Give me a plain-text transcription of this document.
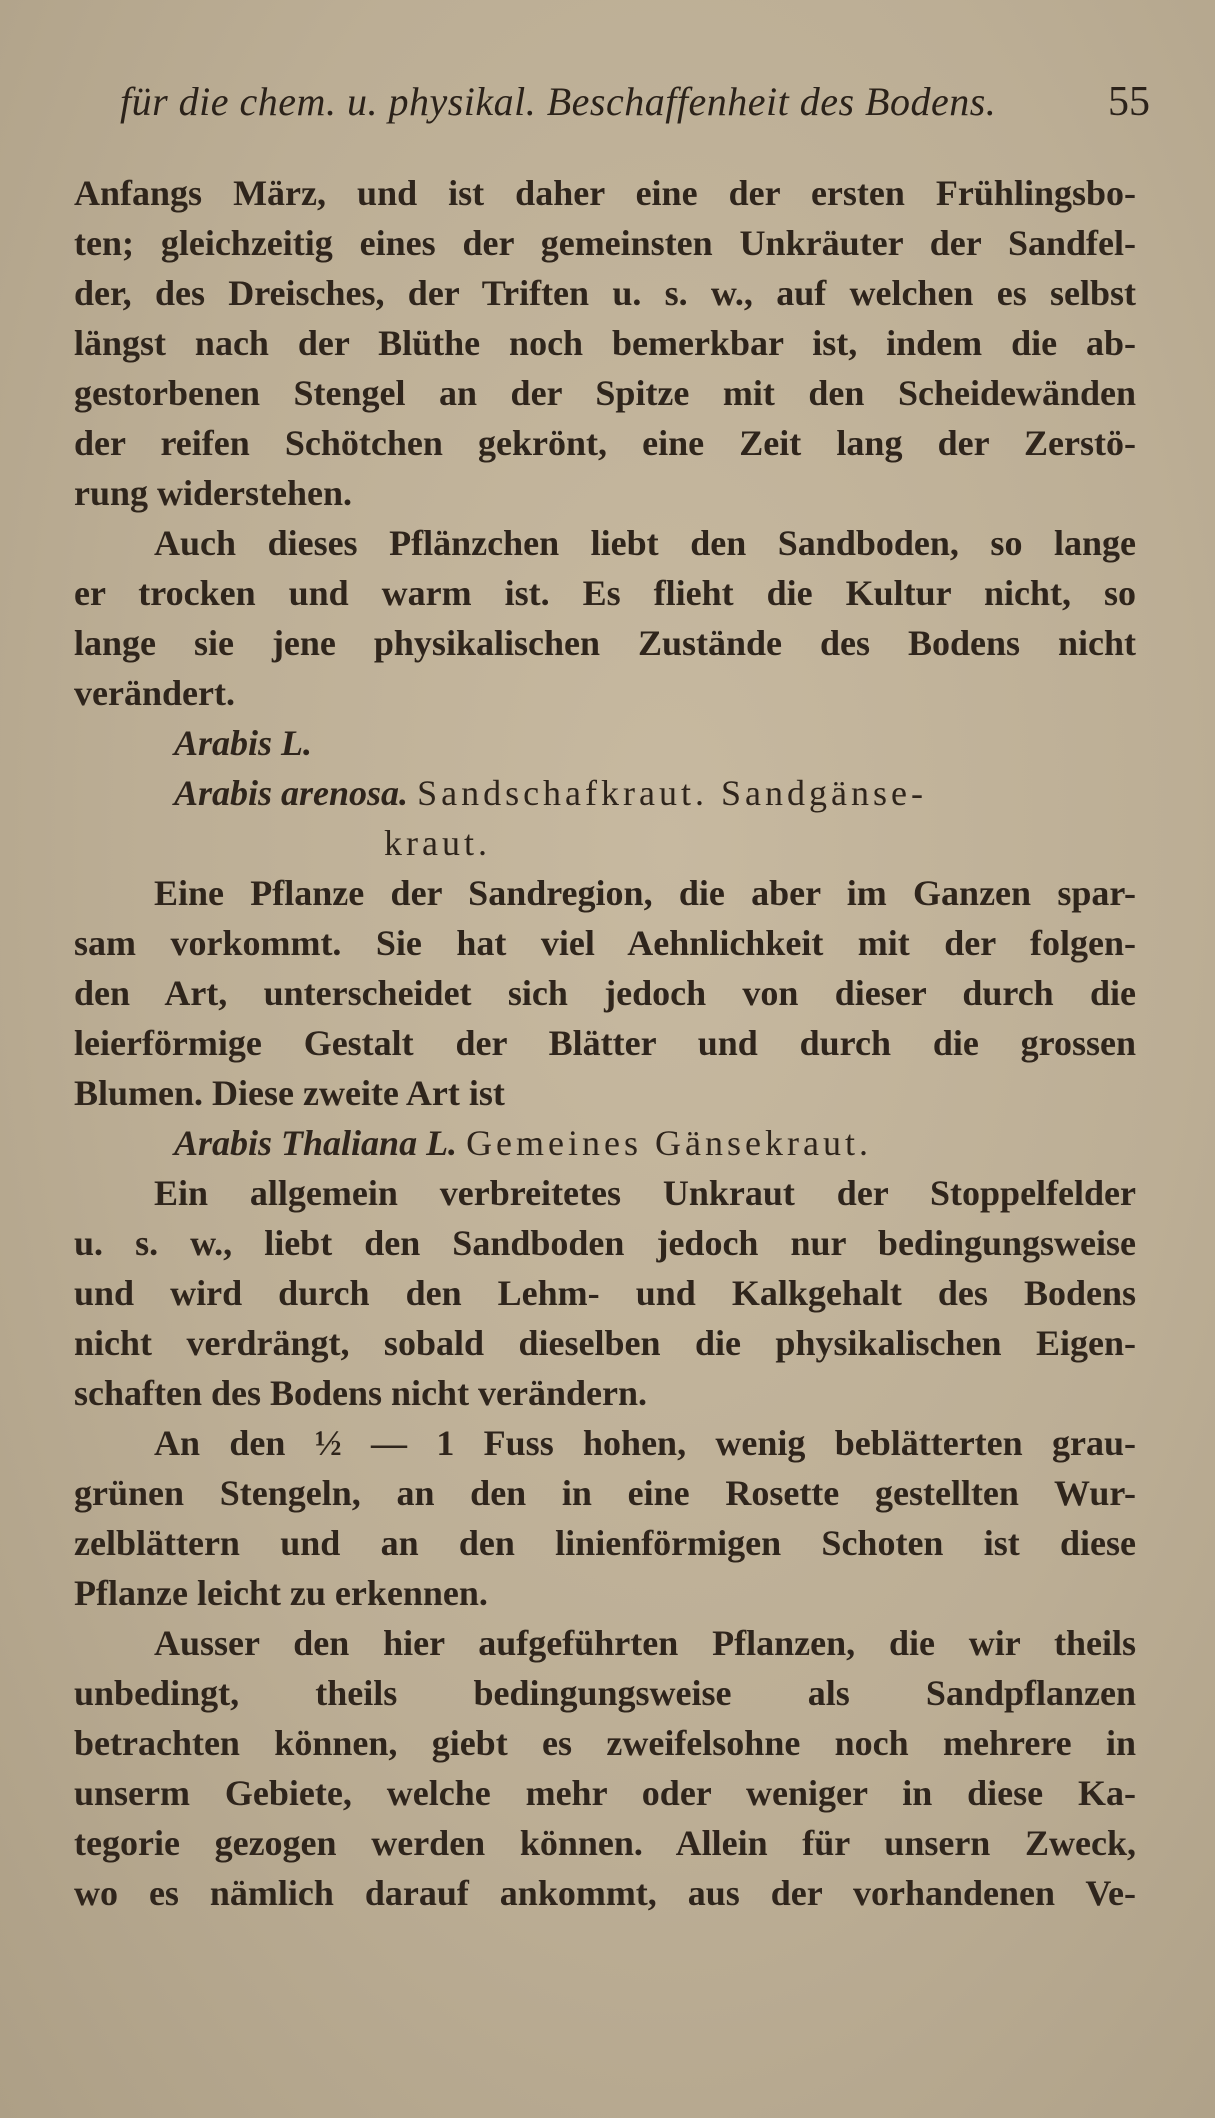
für die chem. u. physikal. Beschaffenheit des Bodens.	55
Anfangs März, und ist daher eine der ersten Frühlingsbo-
ten; gleichzeitig eines der gemeinsten Unkräuter der Sandfel-
der, des Dreisches, der Triften u. s. w., auf welchen es selbst
längst nach der Blüthe noch bemerkbar ist, indem die ab-
gestorbenen Stengel an der Spitze mit den Scheidewänden
der reifen Schötchen gekrönt, eine Zeit lang der Zerstö-
rung widerstehen.
Auch dieses Pflänzchen liebt den Sandboden, so lange
er trocken und warm ist. Es flieht die Kultur nicht, so
lange sie jene physikalischen Zustände des Bodens nicht
verändert.
Arabis L.
Arabis arenosa. Sandschafkraut. Sandgänse-
kraut.
Eine Pflanze der Sandregion, die aber im Ganzen spar-
sam vorkommt. Sie hat viel Aehnlichkeit mit der folgen-
den Art, unterscheidet sich jedoch von dieser durch die
leierförmige Gestalt der Blätter und durch die grossen
Blumen. Diese zweite Art ist
Arabis Thaliana L. Gemeines Gänsekraut.
Ein allgemein verbreitetes Unkraut der Stoppelfelder
u. s. w., liebt den Sandboden jedoch nur bedingungsweise
und wird durch den Lehm- und Kalkgehalt des Bodens
nicht verdrängt, sobald dieselben die physikalischen Eigen-
schaften des Bodens nicht verändern.
An den ½ — 1 Fuss hohen, wenig beblätterten grau-
grünen Stengeln, an den in eine Rosette gestellten Wur-
zelblättern und an den linienförmigen Schoten ist diese
Pflanze leicht zu erkennen.
Ausser den hier aufgeführten Pflanzen, die wir theils
unbedingt, theils bedingungsweise als Sandpflanzen
betrachten können, giebt es zweifelsohne noch mehrere in
unserm Gebiete, welche mehr oder weniger in diese Ka-
tegorie gezogen werden können. Allein für unsern Zweck,
wo es nämlich darauf ankommt, aus der vorhandenen Ve-
